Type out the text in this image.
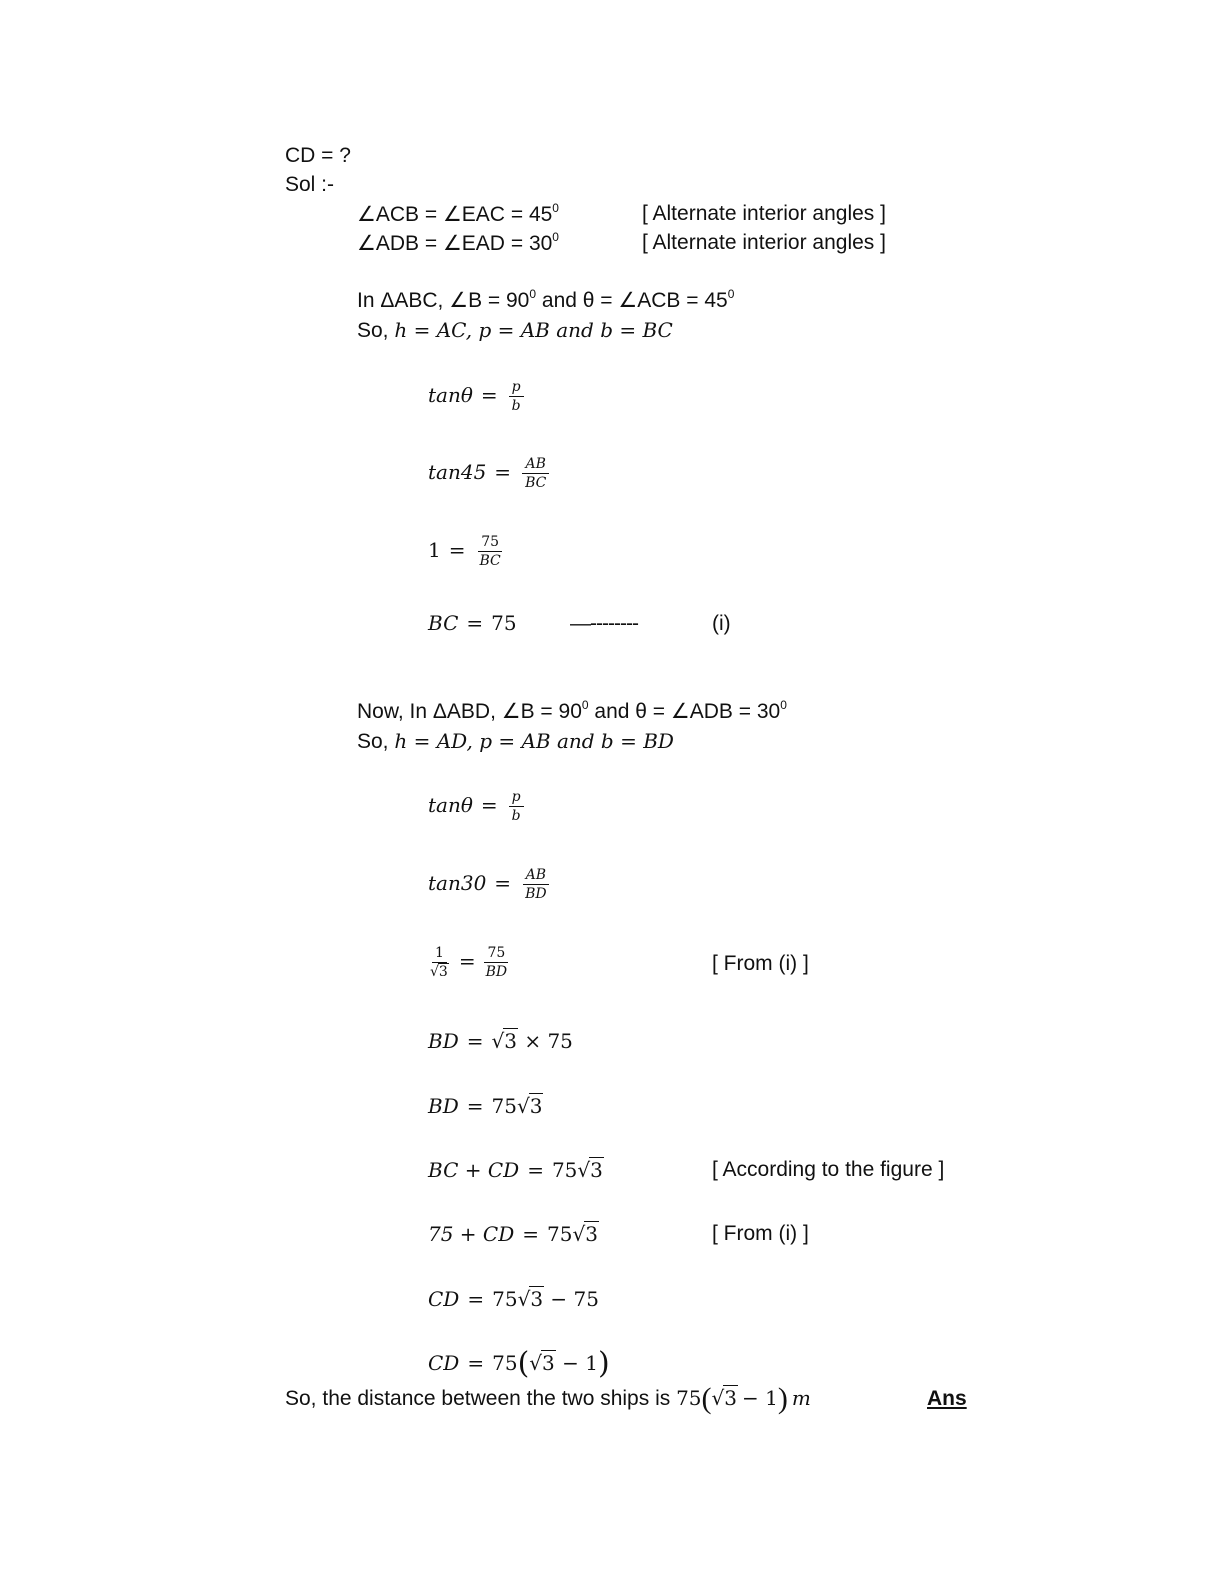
CD = ?
Sol :-
∠ACB = ∠EAC = $45^0$	[ Alternate interior angles ]
∠ADB = ∠EAD = $30^0$	[ Alternate interior angles ]
In ΔABC, ∠B = $90^0$ and θ = ∠ACB = $45^0$
So, h = AC, p = AB and b = BC
$\tan\theta = \frac{p}{b}$
$\tan 45 = \frac{AB}{BC}$
$1 = \frac{75}{BC}$
BC = 75	—--------	(i)
Now, In ΔABD, ∠B = $90^0$ and θ = ∠ADB = $30^0$
So, h = AD, p = AB and b = BD
$\tan\theta = \frac{p}{b}$
$\tan 30 = \frac{AB}{BD}$
$\frac{1}{√3} = \frac{75}{BD}$	[ From (i) ]
BD = √3 × 75
BD = 75√3
BC + CD = 75√3	[ According to the figure ]
75 + CD = 75√3	[ From (i) ]
CD = 75√3 − 75
CD = 75(√3 − 1)
So, the distance between the two ships is 75(√3 − 1) m	Ans
